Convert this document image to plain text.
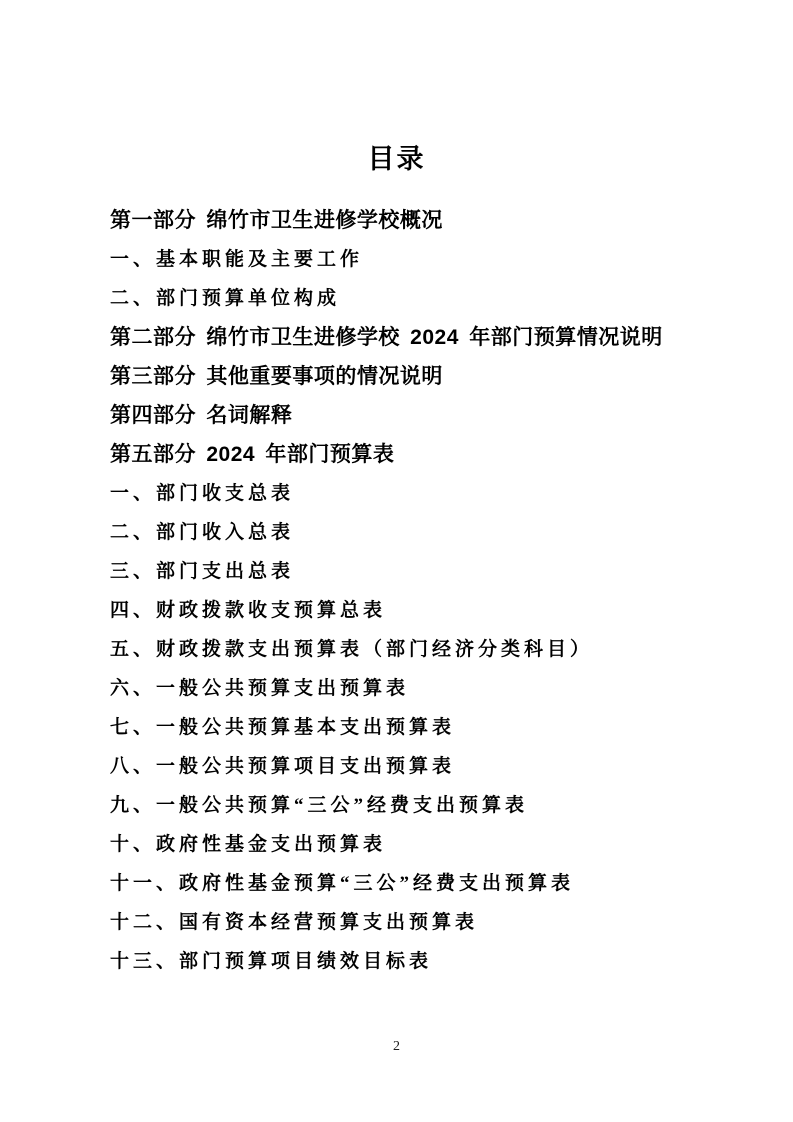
目录
第一部分 绵竹市卫生进修学校概况
一、基本职能及主要工作
二、部门预算单位构成
第二部分 绵竹市卫生进修学校 2024 年部门预算情况说明
第三部分 其他重要事项的情况说明
第四部分 名词解释
第五部分 2024 年部门预算表
一、部门收支总表
二、部门收入总表
三、部门支出总表
四、财政拨款收支预算总表
五、财政拨款支出预算表（部门经济分类科目）
六、一般公共预算支出预算表
七、一般公共预算基本支出预算表
八、一般公共预算项目支出预算表
九、一般公共预算“三公”经费支出预算表
十、政府性基金支出预算表
十一、政府性基金预算“三公”经费支出预算表
十二、国有资本经营预算支出预算表
十三、部门预算项目绩效目标表
2
